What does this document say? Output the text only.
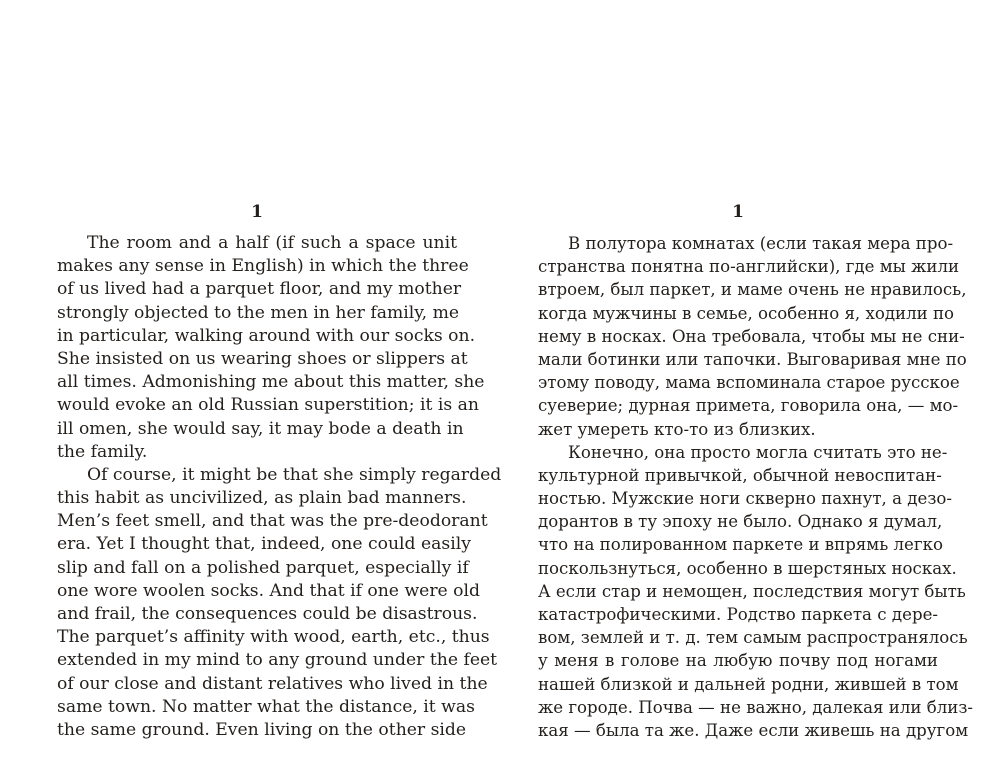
1
The room and a half (if such a space unit
makes any sense in English) in which the three
of us lived had a parquet floor, and my mother
strongly objected to the men in her family, me
in particular, walking around with our socks on.
She insisted on us wearing shoes or slippers at
all times. Admonishing me about this matter, she
would evoke an old Russian superstition; it is an
ill omen, she would say, it may bode a death in
the family.
Of course, it might be that she simply regarded
this habit as uncivilized, as plain bad manners.
Men’s feet smell, and that was the pre-deodorant
era. Yet I thought that, indeed, one could easily
slip and fall on a polished parquet, especially if
one wore woolen socks. And that if one were old
and frail, the consequences could be disastrous.
The parquet’s affinity with wood, earth, etc., thus
extended in my mind to any ground under the feet
of our close and distant relatives who lived in the
same town. No matter what the distance, it was
the same ground. Even living on the other side
1
В полутора комнатах (если такая мера про-
странства понятна по-английски), где мы жили
втроем, был паркет, и маме очень не нравилось,
когда мужчины в семье, особенно я, ходили по
нему в носках. Она требовала, чтобы мы не сни-
мали ботинки или тапочки. Выговаривая мне по
этому поводу, мама вспоминала старое русское
суеверие; дурная примета, говорила она, — мо-
жет умереть кто-то из близких.
Конечно, она просто могла считать это не-
культурной привычкой, обычной невоспитан-
ностью. Мужские ноги скверно пахнут, а дезо-
дорантов в ту эпоху не было. Однако я думал,
что на полированном паркете и впрямь легко
поскользнуться, особенно в шерстяных носках.
А если стар и немощен, последствия могут быть
катастрофическими. Родство паркета с дере-
вом, землей и т. д. тем самым распространялось
у меня в голове на любую почву под ногами
нашей близкой и дальней родни, жившей в том
же городе. Почва — не важно, далекая или близ-
кая — была та же. Даже если живешь на другом
